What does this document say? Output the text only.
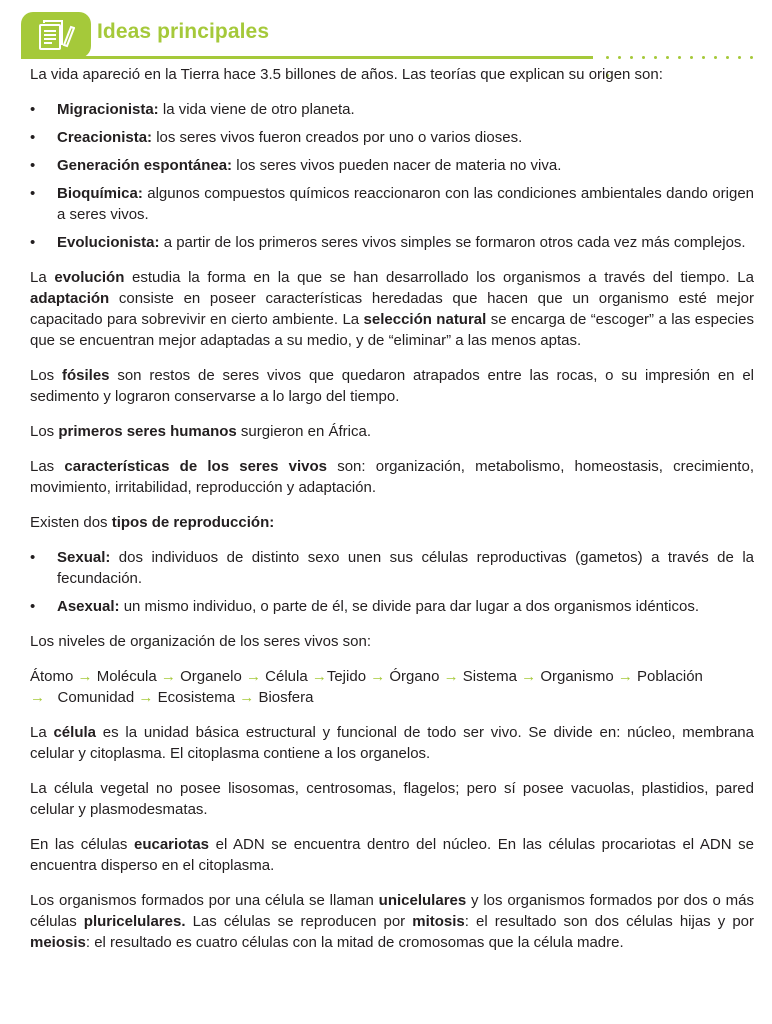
Ideas principales

La vida apareció en la Tierra hace 3.5 billones de años. Las teorías que explican su origen son:

• Migracionista: la vida viene de otro planeta.
• Creacionista: los seres vivos fueron creados por uno o varios dioses.
• Generación espontánea: los seres vivos pueden nacer de materia no viva.
• Bioquímica: algunos compuestos químicos reaccionaron con las condiciones ambientales dando origen a seres vivos.
• Evolucionista: a partir de los primeros seres vivos simples se formaron otros cada vez más complejos.

La evolución estudia la forma en la que se han desarrollado los organismos a través del tiempo. La adaptación consiste en poseer características heredadas que hacen que un organismo esté mejor capacitado para sobrevivir en cierto ambiente. La selección natural se encarga de “escoger” a las especies que se encuentran mejor adaptadas a su medio, y de “eliminar” a las menos aptas.

Los fósiles son restos de seres vivos que quedaron atrapados entre las rocas, o su impresión en el sedimento y lograron conservarse a lo largo del tiempo.

Los primeros seres humanos surgieron en África.

Las características de los seres vivos son: organización, metabolismo, homeostasis, crecimiento, movimiento, irritabilidad, reproducción y adaptación.

Existen dos tipos de reproducción:

• Sexual: dos individuos de distinto sexo unen sus células reproductivas (gametos) a través de la fecundación.
• Asexual: un mismo individuo, o parte de él, se divide para dar lugar a dos organismos idénticos.

Los niveles de organización de los seres vivos son:

Átomo → Molécula → Organelo → Célula →Tejido → Órgano → Sistema → Organismo → Población
→ Comunidad → Ecosistema → Biosfera

La célula es la unidad básica estructural y funcional de todo ser vivo. Se divide en: núcleo, membrana celular y citoplasma. El citoplasma contiene a los organelos.

La célula vegetal no posee lisosomas, centrosomas, flagelos; pero sí posee vacuolas, plastidios, pared celular y plasmodesmatas.

En las células eucariotas el ADN se encuentra dentro del núcleo. En las células procariotas el ADN se encuentra disperso en el citoplasma.

Los organismos formados por una célula se llaman unicelulares y los organismos formados por dos o más células pluricelulares. Las células se reproducen por mitosis: el resultado son dos células hijas y por meiosis: el resultado es cuatro células con la mitad de cromosomas que la célula madre.
